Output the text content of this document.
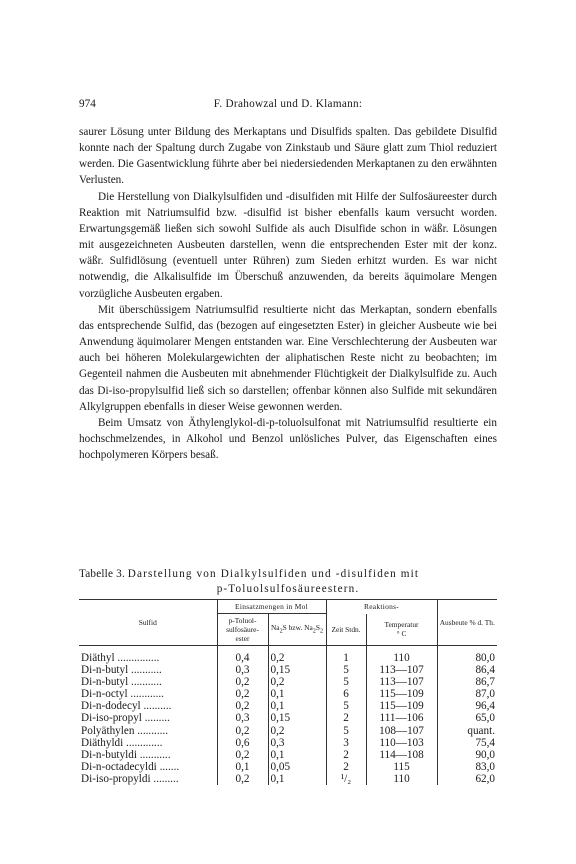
974	F. Drahowzal und D. Klamann:

saurer Lösung unter Bildung des Merkaptans und Disulfids spalten. Das gebildete Disulfid konnte nach der Spaltung durch Zugabe von Zinkstaub und Säure glatt zum Thiol reduziert werden. Die Gasentwicklung führte aber bei niedersiedenden Merkaptanen zu den erwähnten Verlusten.

Die Herstellung von Dialkylsulfiden und -disulfiden mit Hilfe der Sulfosäureester durch Reaktion mit Natriumsulfid bzw. -disulfid ist bisher ebenfalls kaum versucht worden. Erwartungsgemäß ließen sich sowohl Sulfide als auch Disulfide schon in wäßr. Lösungen mit ausgezeichneten Ausbeuten darstellen, wenn die entsprechenden Ester mit der konz. wäßr. Sulfidlösung (eventuell unter Rühren) zum Sieden erhitzt wurden. Es war nicht notwendig, die Alkalisulfide im Überschuß anzuwenden, da bereits äquimolare Mengen vorzügliche Ausbeuten ergaben.

Mit überschüssigem Natriumsulfid resultierte nicht das Merkaptan, sondern ebenfalls das entsprechende Sulfid, das (bezogen auf eingesetzten Ester) in gleicher Ausbeute wie bei Anwendung äquimolarer Mengen entstanden war. Eine Verschlechterung der Ausbeuten war auch bei höheren Molekulargewichten der aliphatischen Reste nicht zu beobachten; im Gegenteil nahmen die Ausbeuten mit abnehmender Flüchtigkeit der Dialkylsulfide zu. Auch das Di-iso-propylsulfid ließ sich so darstellen; offenbar können also Sulfide mit sekundären Alkylgruppen ebenfalls in dieser Weise gewonnen werden.

Beim Umsatz von Äthylenglykol-di-p-toluolsulfonat mit Natriumsulfid resultierte ein hochschmelzendes, in Alkohol und Benzol unlösliches Pulver, das Eigenschaften eines hochpolymeren Körpers besaß.

Tabelle 3. Darstellung von Dialkylsulfiden und -disulfiden mit
p-Toluolsulfosäureestern.
Sulfid	Einsatzmengen in Mol		Reaktions-		Ausbeute % d. Th.
	p-Toluol-sulfosäure-ester	$Na_2S$ bzw. $Na_2S_2$	Zeit Stdn.	Temperatur
° C	
Diäthyl ...............	0,4	0,2	1	110	80,0
Di-n-butyl ...........	0,3	0,15	5	113—107	86,4
Di-n-butyl ...........	0,2	0,2	5	113—107	86,7
Di-n-octyl ............	0,2	0,1	6	115—109	87,0
Di-n-dodecyl ..........	0,2	0,1	5	115—109	96,4
Di-iso-propyl .........	0,3	0,15	2	111—106	65,0
Polyäthylen ...........	0,2	0,2	5	108—107	quant.
Diäthyldi .............	0,6	0,3	3	110—103	75,4
Di-n-butyldi ...........	0,2	0,1	2	114—108	90,0
Di-n-octadecyldi .......	0,1	0,05	2	115	83,0
Di-iso-propyldi .........	0,2	0,1	¹/₂	110	62,0
